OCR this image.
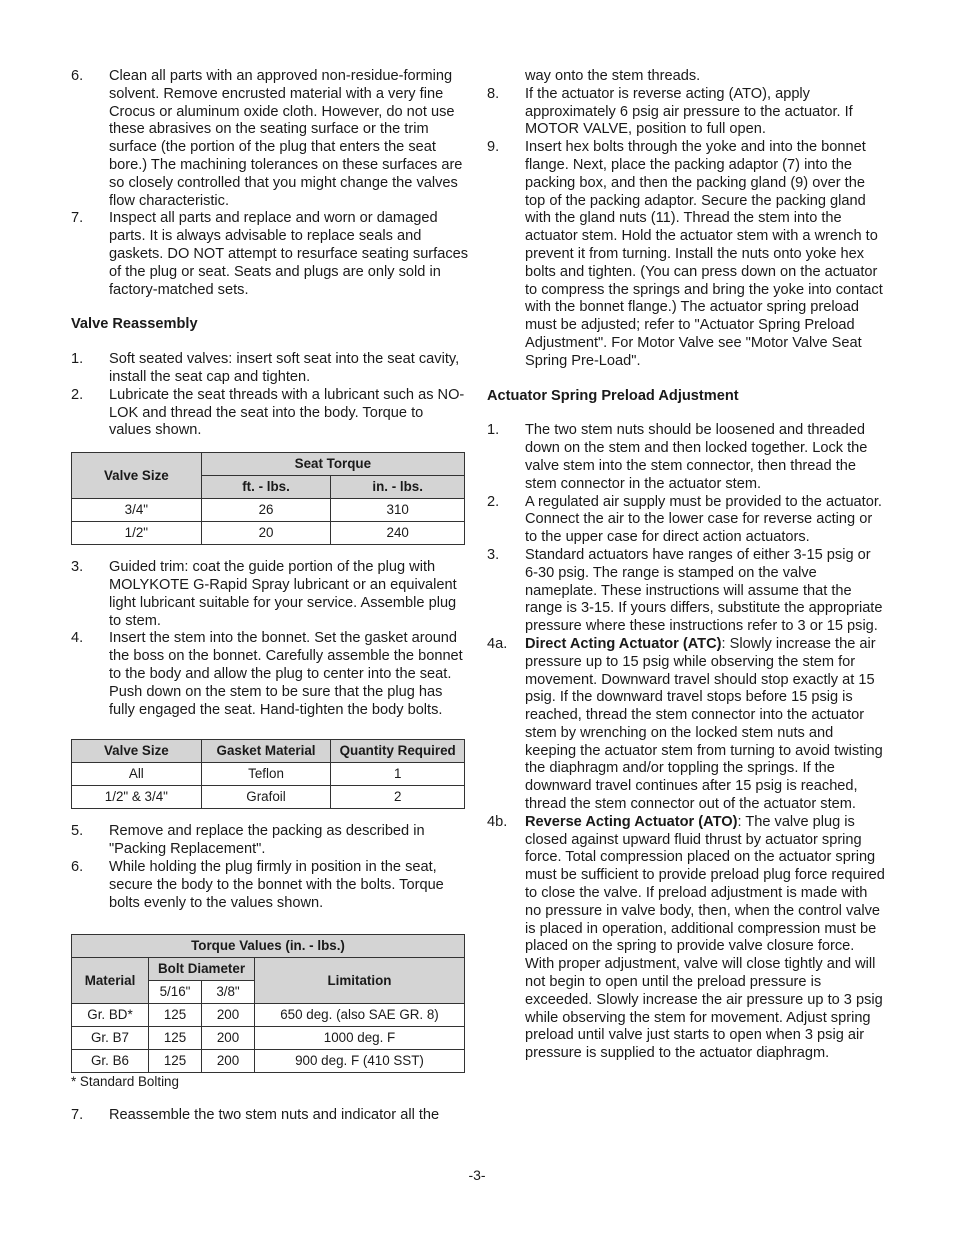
6.	Clean all parts with an approved non-residue-forming solvent. Remove encrusted material with a very fine Crocus or aluminum oxide cloth. However, do not use these abrasives on the seating surface or the trim surface (the portion of the plug that enters the seat bore.) The machining tolerances on these surfaces are so closely controlled that you might change the valves flow characteristic.
7.	Inspect all parts and replace and worn or damaged parts. It is always advisable to replace seals and gaskets. DO NOT attempt to resurface seating surfaces of the plug or seat. Seats and plugs are only sold in factory-matched sets.
Valve Reassembly
1.	Soft seated valves: insert soft seat into the seat cavity, install the seat cap and tighten.
2.	Lubricate the seat threads with a lubricant such as NO-LOK and thread the seat into the body. Torque to values shown.
Valve Size	Seat Torque	
	ft. - lbs.	in. - lbs.
3/4"	26	310
1/2"	20	240
3.	Guided trim: coat the guide portion of the plug with MOLYKOTE G-Rapid Spray lubricant or an equivalent light lubricant suitable for your service. Assemble plug to stem.
4.	Insert the stem into the bonnet. Set the gasket around the boss on the bonnet. Carefully assemble the bonnet to the body and allow the plug to center into the seat. Push down on the stem to be sure that the plug has fully engaged the seat. Hand-tighten the body bolts.
Valve Size	Gasket Material	Quantity Required
All	Teflon	1
1/2" & 3/4"	Grafoil	2
5.	Remove and replace the packing as described in "Packing Replacement".
6.	While holding the plug firmly in position in the seat, secure the body to the bonnet with the bolts. Torque bolts evenly to the values shown.
Torque Values (in. - lbs.)			
Material	Bolt Diameter		Limitation
	5/16"	3/8"	
Gr. BD*	125	200	650 deg. (also SAE GR. 8)
Gr. B7	125	200	1000 deg. F
Gr. B6	125	200	900 deg. F (410 SST)
* Standard Bolting
7.	Reassemble the two stem nuts and indicator all the
way onto the stem threads.
8.	If the actuator is reverse acting (ATO), apply approximately 6 psig air pressure to the actuator. If MOTOR VALVE, position to full open.
9.	Insert hex bolts through the yoke and into the bonnet flange. Next, place the packing adaptor (7) into the packing box, and then the packing gland (9) over the top of the packing adaptor. Secure the packing gland with the gland nuts (11). Thread the stem into the actuator stem. Hold the actuator stem with a wrench to prevent it from turning. Install the nuts onto yoke hex bolts and tighten. (You can press down on the actuator to compress the springs and bring the yoke into contact with the bonnet flange.) The actuator spring preload must be adjusted; refer to "Actuator Spring Preload Adjustment". For Motor Valve see "Motor Valve Seat Spring Pre-Load".
Actuator Spring Preload Adjustment
1.	The two stem nuts should be loosened and threaded down on the stem and then locked together. Lock the valve stem into the stem connector, then thread the stem connector in the actuator stem.
2.	A regulated air supply must be provided to the actuator. Connect the air to the lower case for reverse acting or to the upper case for direct action actuators.
3.	Standard actuators have ranges of either 3-15 psig or 6-30 psig. The range is stamped on the valve nameplate. These instructions will assume that the range is 3-15. If yours differs, substitute the appropriate pressure where these instructions refer to 3 or 15 psig.
4a.	Direct Acting Actuator (ATC): Slowly increase the air pressure up to 15 psig while observing the stem for movement. Downward travel should stop exactly at 15 psig. If the downward travel stops before 15 psig is reached, thread the stem connector into the actuator stem by wrenching on the locked stem nuts and keeping the actuator stem from turning to avoid twisting the diaphragm and/or toppling the springs. If the downward travel continues after 15 psig is reached, thread the stem connector out of the actuator stem.
4b.	Reverse Acting Actuator (ATO): The valve plug is closed against upward fluid thrust by actuator spring force. Total compression placed on the actuator spring must be sufficient to provide preload plug force required to close the valve. If preload adjustment is made with no pressure in valve body, then, when the control valve is placed in operation, additional compression must be placed on the spring to provide valve closure force. With proper adjustment, valve will close tightly and will not begin to open until the preload pressure is exceeded. Slowly increase the air pressure up to 3 psig while observing the stem for movement. Adjust spring preload until valve just starts to open when 3 psig air pressure is supplied to the actuator diaphragm.
-3-
